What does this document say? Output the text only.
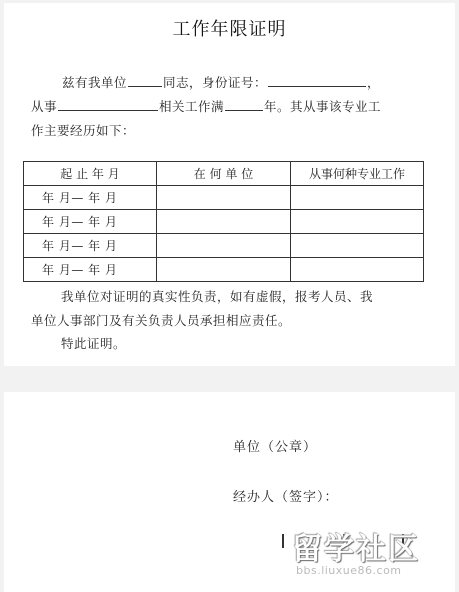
工作年限证明
兹有我单位	同志，身份证号：	，
从事	相关工作满	年。其从事该专业工
作主要经历如下：
起 止 年 月	在 何 单 位	从事何种专业工作
年 月— 年 月		
年 月— 年 月		
年 月— 年 月		
年 月— 年 月		
我单位对证明的真实性负责，如有虚假，报考人员、我
单位人事部门及有关负责人员承担相应责任。
特此证明。
单位（公章）
经办人（签字）：
留学社区
bbs.liuxue86.com
